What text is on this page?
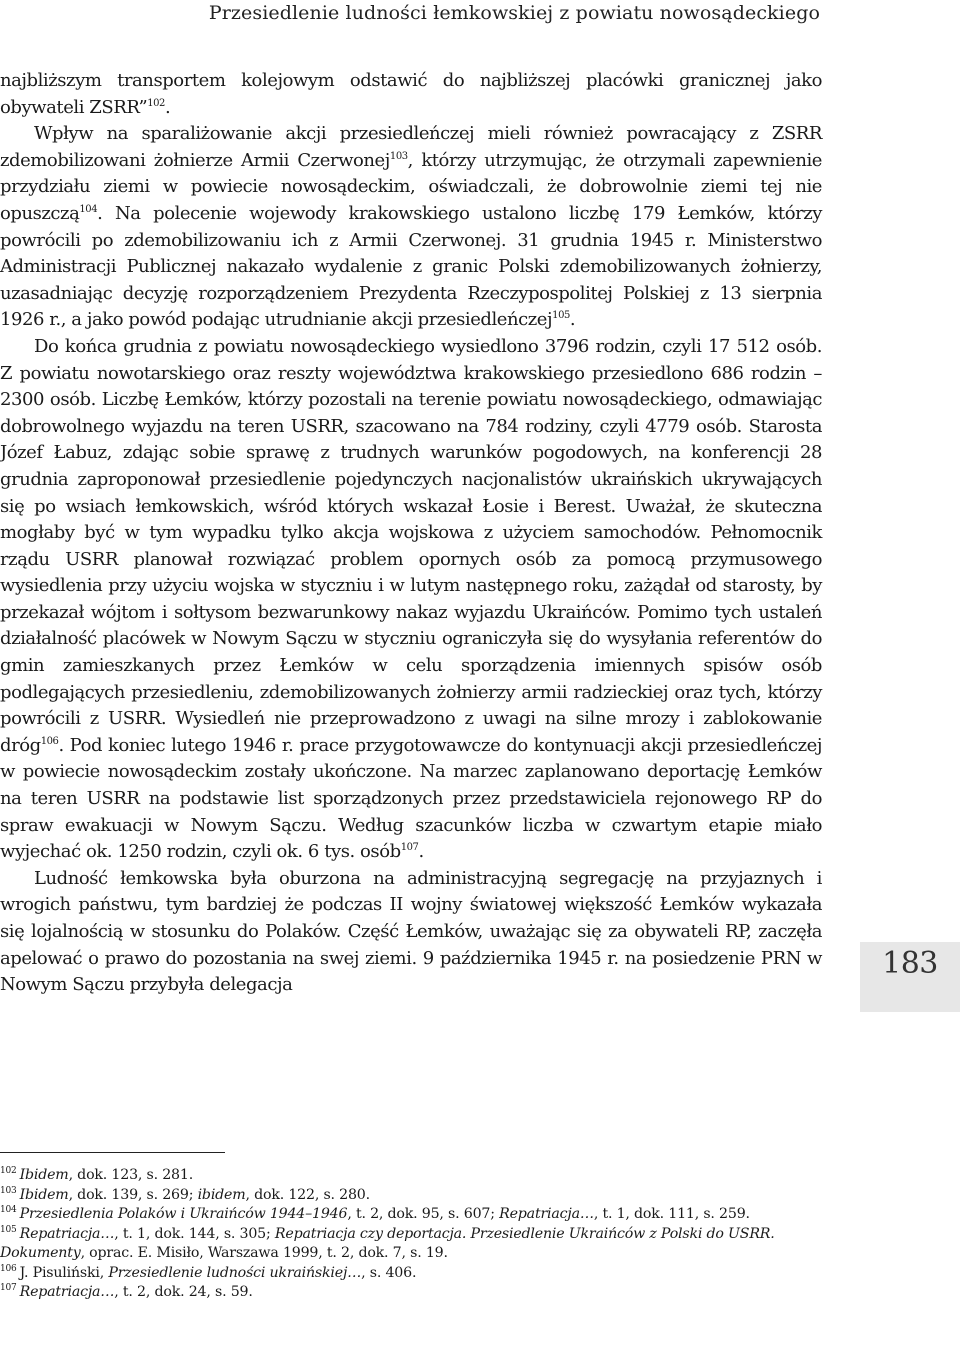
Przesiedlenie ludności łemkowskiej z powiatu nowosądeckiego

najbliższym transportem kolejowym odstawić do najbliższej placówki granicznej jako obywateli ZSRR”$^{102}$.

Wpływ na sparaliżowanie akcji przesiedleńczej mieli również powracający z ZSRR zdemobilizowani żołnierze Armii Czerwonej$^{103}$, którzy utrzymując, że otrzymali zapewnienie przydziału ziemi w powiecie nowosądeckim, oświadczali, że dobrowolnie ziemi tej nie opuszczą$^{104}$. Na polecenie wojewody krakowskiego ustalono liczbę 179 Łemków, którzy powrócili po zdemobilizowaniu ich z Armii Czerwonej. 31 grudnia 1945 r. Ministerstwo Administracji Publicznej nakazało wydalenie z granic Polski zdemobilizowanych żołnierzy, uzasadniając decyzję rozporządzeniem Prezydenta Rzeczypospolitej Polskiej z 13 sierpnia 1926 r., a jako powód podając utrudnianie akcji przesiedleńczej$^{105}$.

Do końca grudnia z powiatu nowosądeckiego wysiedlono 3796 rodzin, czyli 17 512 osób. Z powiatu nowotarskiego oraz reszty województwa krakowskiego przesiedlono 686 rodzin – 2300 osób. Liczbę Łemków, którzy pozostali na terenie powiatu nowosądeckiego, odmawiając dobrowolnego wyjazdu na teren USRR, szacowano na 784 rodziny, czyli 4779 osób. Starosta Józef Łabuz, zdając sobie sprawę z trudnych warunków pogodowych, na konferencji 28 grudnia zaproponował przesiedlenie pojedynczych nacjonalistów ukraińskich ukrywających się po wsiach łemkowskich, wśród których wskazał Łosie i Berest. Uważał, że skuteczna mogłaby być w tym wypadku tylko akcja wojskowa z użyciem samochodów. Pełnomocnik rządu USRR planował rozwiązać problem opornych osób za pomocą przymusowego wysiedlenia przy użyciu wojska w styczniu i w lutym następnego roku, zażądał od starosty, by przekazał wójtom i sołtysom bezwarunkowy nakaz wyjazdu Ukraińców. Pomimo tych ustaleń działalność placówek w Nowym Sączu w styczniu ograniczyła się do wysyłania referentów do gmin zamieszkanych przez Łemków w celu sporządzenia imiennych spisów osób podlegających przesiedleniu, zdemobilizowanych żołnierzy armii radzieckiej oraz tych, którzy powrócili z USRR. Wysiedleń nie przeprowadzono z uwagi na silne mrozy i zablokowanie dróg$^{106}$. Pod koniec lutego 1946 r. prace przygotowawcze do kontynuacji akcji przesiedleńczej w powiecie nowosądeckim zostały ukończone. Na marzec zaplanowano deportację Łemków na teren USRR na podstawie list sporządzonych przez przedstawiciela rejonowego RP do spraw ewakuacji w Nowym Sączu. Według szacunków liczba w czwartym etapie miało wyjechać ok. 1250 rodzin, czyli ok. 6 tys. osób$^{107}$.

Ludność łemkowska była oburzona na administracyjną segregację na przyjaznych i wrogich państwu, tym bardziej że podczas II wojny światowej większość Łemków wykazała się lojalnością w stosunku do Polaków. Część Łemków, uważając się za obywateli RP, zaczęła apelować o prawo do pozostania na swej ziemi. 9 października 1945 r. na posiedzenie PRN w Nowym Sączu przybyła delegacja

$^{102}$ Ibidem, dok. 123, s. 281.

$^{103}$ Ibidem, dok. 139, s. 269; ibidem, dok. 122, s. 280.

$^{104}$ Przesiedlenia Polaków i Ukraińców 1944–1946, t. 2, dok. 95, s. 607; Repatriacja…, t. 1, dok. 111, s. 259.

$^{105}$ Repatriacja…, t. 1, dok. 144, s. 305; Repatriacja czy deportacja. Przesiedlenie Ukraińców z Polski do USRR. Dokumenty, oprac. E. Misiło, Warszawa 1999, t. 2, dok. 7, s. 19.

$^{106}$ J. Pisuliński, Przesiedlenie ludności ukraińskiej…, s. 406.

$^{107}$ Repatriacja…, t. 2, dok. 24, s. 59.

183
